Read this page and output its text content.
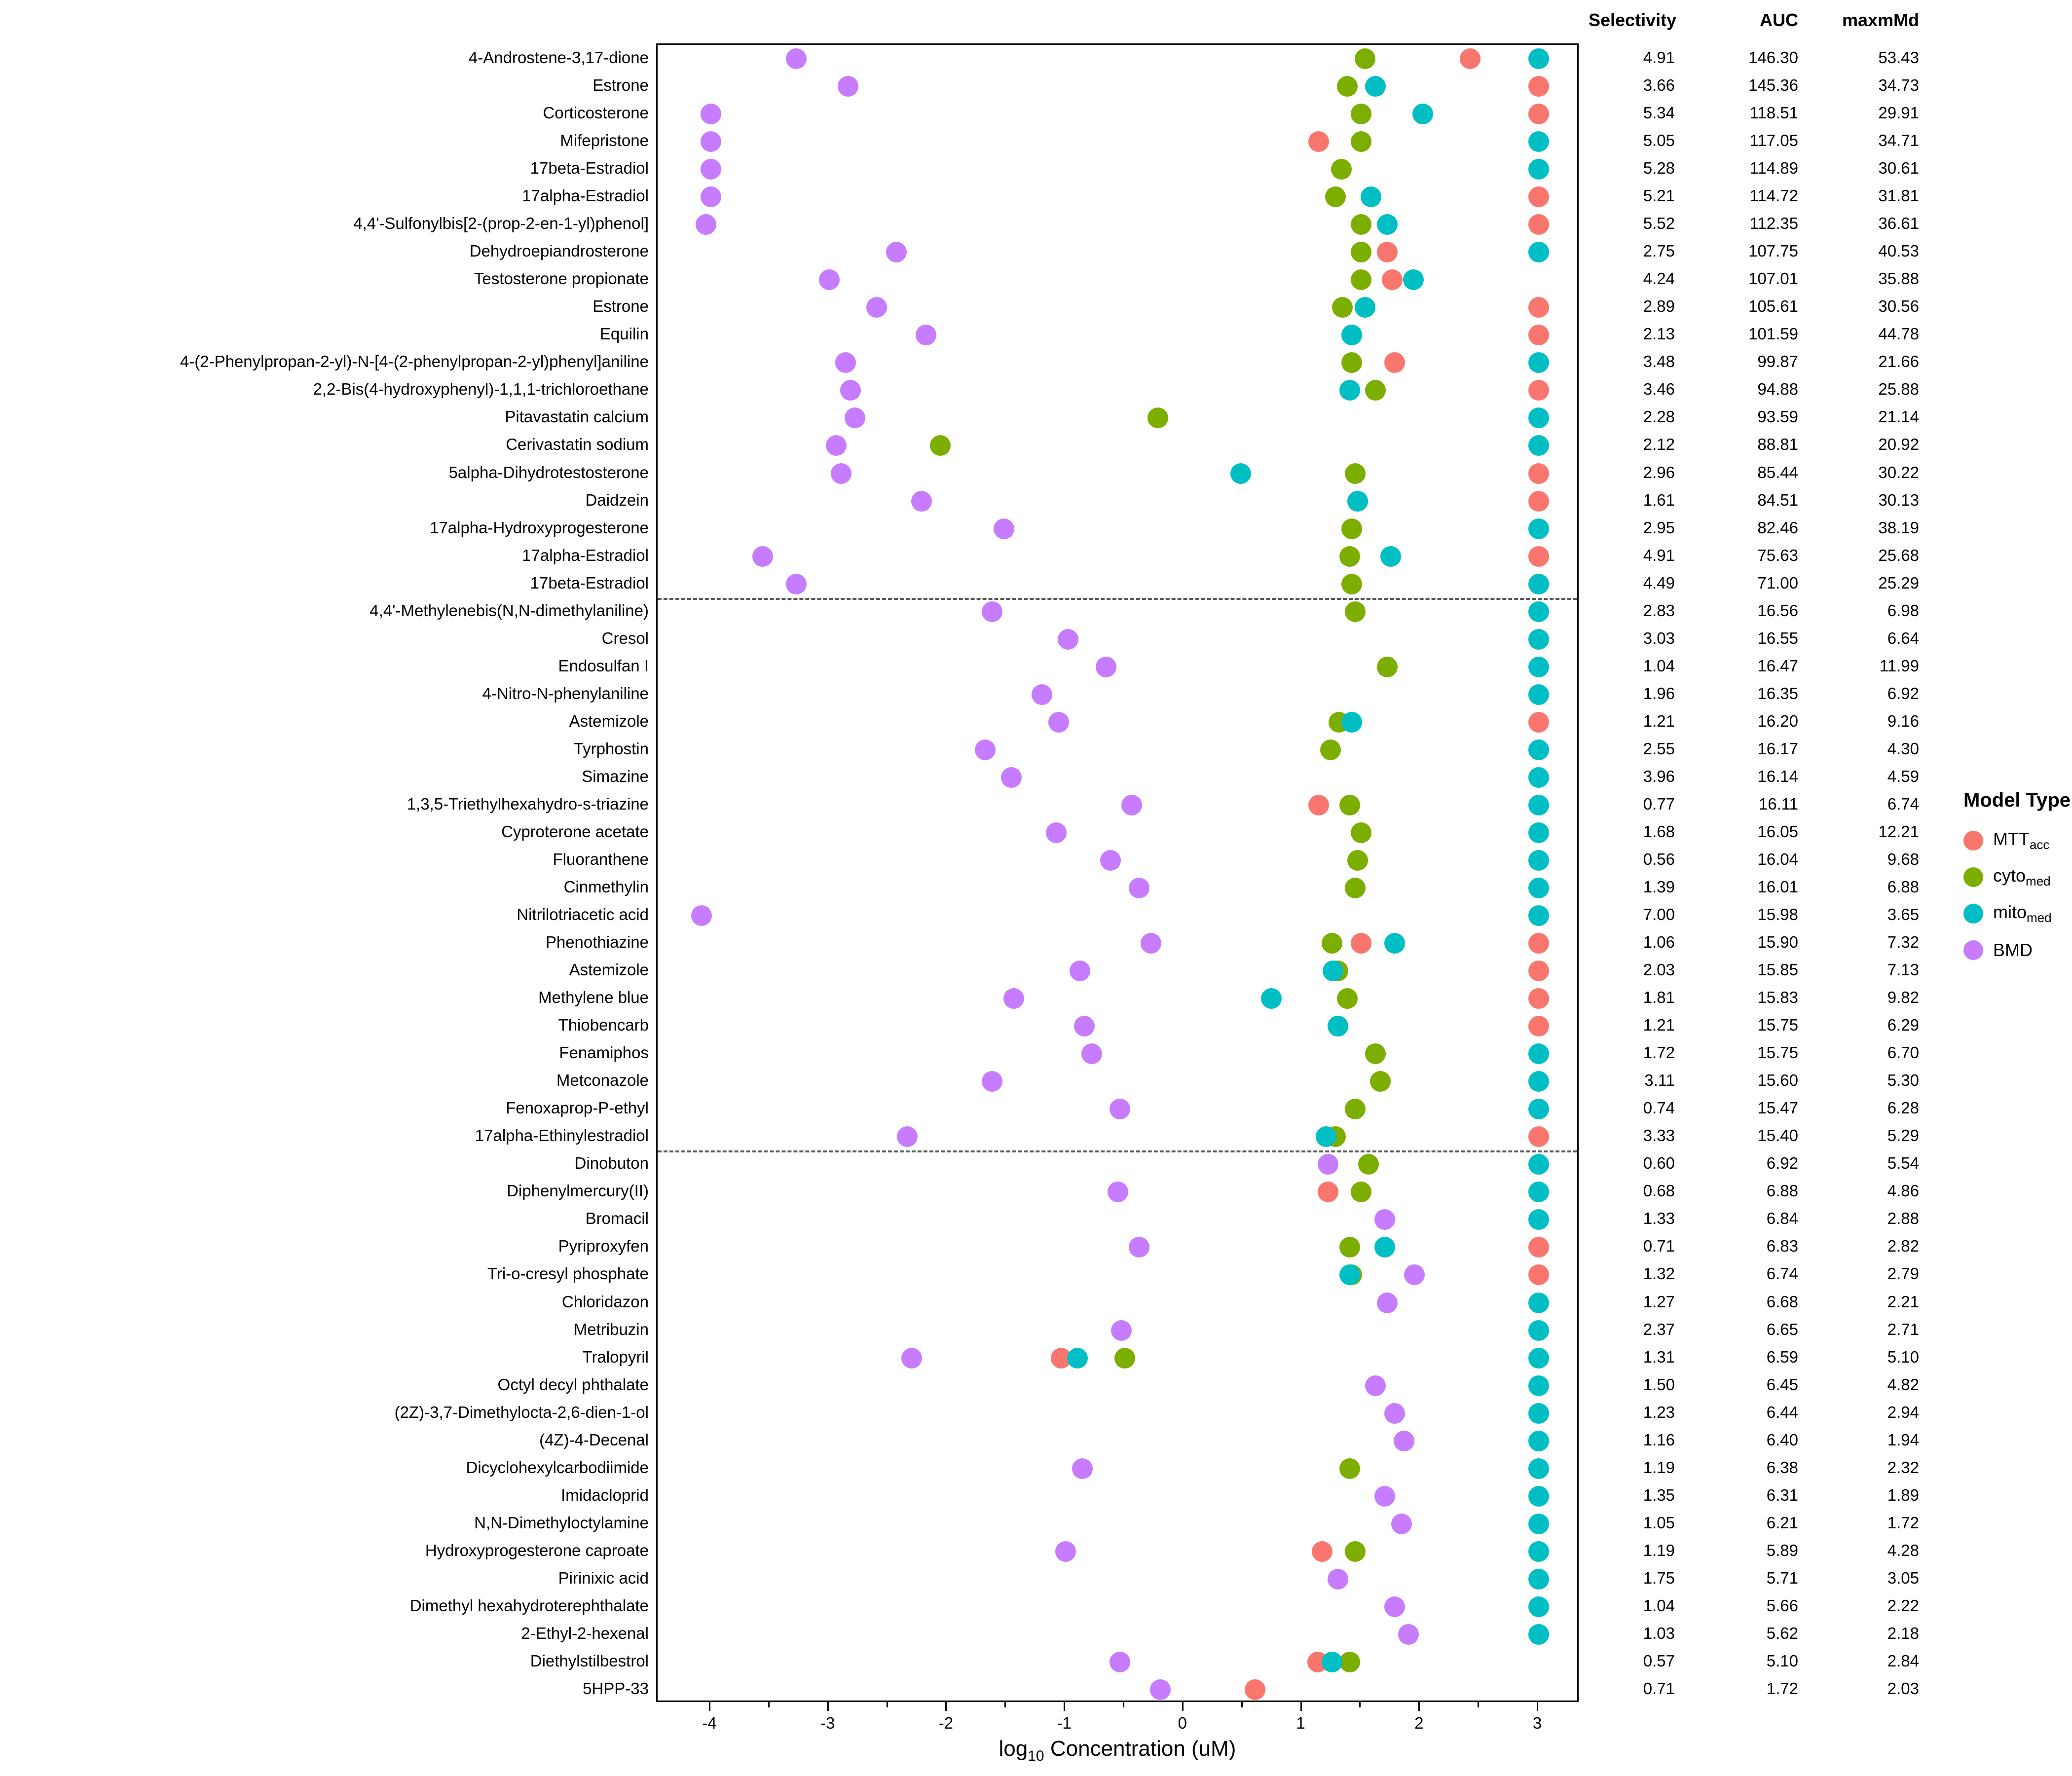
4-Androstene-3,17-dione
Estrone
Corticosterone
Mifepristone
17beta-Estradiol
17alpha-Estradiol
4,4'-Sulfonylbis[2-(prop-2-en-1-yl)phenol]
Dehydroepiandrosterone
Testosterone propionate
Estrone
Equilin
4-(2-Phenylpropan-2-yl)-N-[4-(2-phenylpropan-2-yl)phenyl]aniline
2,2-Bis(4-hydroxyphenyl)-1,1,1-trichloroethane
Pitavastatin calcium
Cerivastatin sodium
5alpha-Dihydrotestosterone
Daidzein
17alpha-Hydroxyprogesterone
17alpha-Estradiol
17beta-Estradiol
4,4'-Methylenebis(N,N-dimethylaniline)
Cresol
Endosulfan I
4-Nitro-N-phenylaniline
Astemizole
Tyrphostin
Simazine
1,3,5-Triethylhexahydro-s-triazine
Cyproterone acetate
Fluoranthene
Cinmethylin
Nitrilotriacetic acid
Phenothiazine
Astemizole
Methylene blue
Thiobencarb
Fenamiphos
Metconazole
Fenoxaprop-P-ethyl
17alpha-Ethinylestradiol
Dinobuton
Diphenylmercury(II)
Bromacil
Pyriproxyfen
Tri-o-cresyl phosphate
Chloridazon
Metribuzin
Tralopyril
Octyl decyl phthalate
(2Z)-3,7-Dimethylocta-2,6-dien-1-ol
(4Z)-4-Decenal
Dicyclohexylcarbodiimide
Imidacloprid
N,N-Dimethyloctylamine
Hydroxyprogesterone caproate
Pirinixic acid
Dimethyl hexahydroterephthalate
2-Ethyl-2-hexenal
Diethylstilbestrol
5HPP-33
-4	-3	-2	-1	0	1	2	3
$\log_{10}$ Concentration (uM)
Selectivity	AUC	maxmMd
4.91	146.30	53.43
3.66	145.36	34.73
5.34	118.51	29.91
5.05	117.05	34.71
5.28	114.89	30.61
5.21	114.72	31.81
5.52	112.35	36.61
2.75	107.75	40.53
4.24	107.01	35.88
2.89	105.61	30.56
2.13	101.59	44.78
3.48	99.87	21.66
3.46	94.88	25.88
2.28	93.59	21.14
2.12	88.81	20.92
2.96	85.44	30.22
1.61	84.51	30.13
2.95	82.46	38.19
4.91	75.63	25.68
4.49	71.00	25.29
2.83	16.56	6.98
3.03	16.55	6.64
1.04	16.47	11.99
1.96	16.35	6.92
1.21	16.20	9.16
2.55	16.17	4.30
3.96	16.14	4.59
0.77	16.11	6.74
1.68	16.05	12.21
0.56	16.04	9.68
1.39	16.01	6.88
7.00	15.98	3.65
1.06	15.90	7.32
2.03	15.85	7.13
1.81	15.83	9.82
1.21	15.75	6.29
1.72	15.75	6.70
3.11	15.60	5.30
0.74	15.47	6.28
3.33	15.40	5.29
0.60	6.92	5.54
0.68	6.88	4.86
1.33	6.84	2.88
0.71	6.83	2.82
1.32	6.74	2.79
1.27	6.68	2.21
2.37	6.65	2.71
1.31	6.59	5.10
1.50	6.45	4.82
1.23	6.44	2.94
1.16	6.40	1.94
1.19	6.38	2.32
1.35	6.31	1.89
1.05	6.21	1.72
1.19	5.89	4.28
1.75	5.71	3.05
1.04	5.66	2.22
1.03	5.62	2.18
0.57	5.10	2.84
0.71	1.72	2.03
Model Type
$MTT_{acc}$
cyto$_{med}$
mito$_{med}$
BMD
